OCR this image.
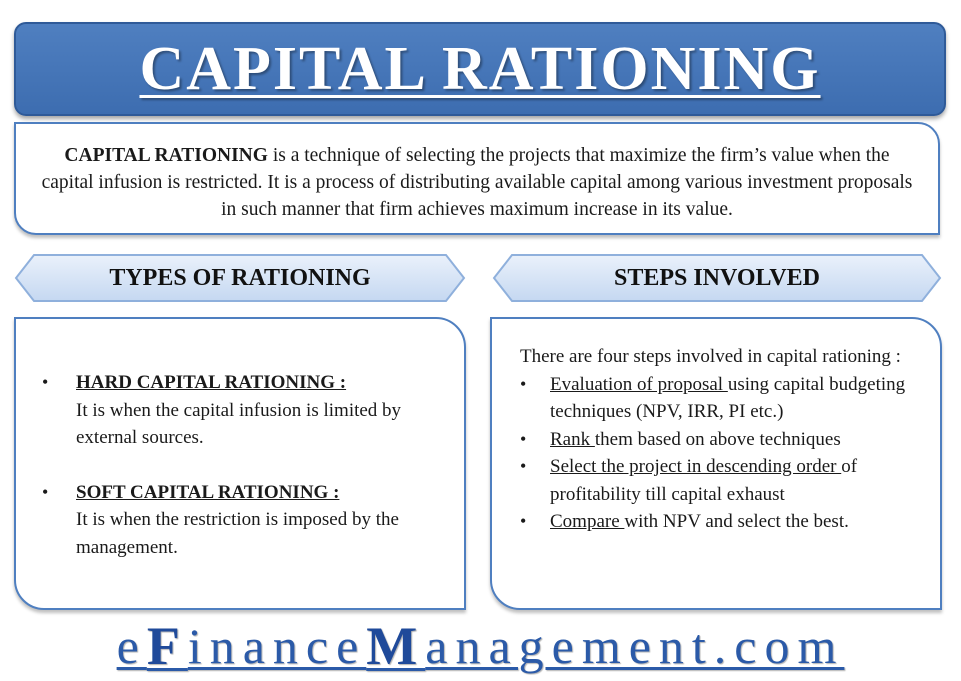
CAPITAL RATIONING
CAPITAL RATIONING is a technique of selecting the projects that maximize the firm’s value when the capital infusion is restricted. It is a process of distributing available capital among various investment proposals in such manner that firm achieves maximum increase in its value.
TYPES OF RATIONING	STEPS INVOLVED
•	HARD CAPITAL RATIONING :
It is when the capital infusion is limited by external sources.
•	SOFT CAPITAL RATIONING :
It is when the restriction is imposed by the management.
There are four steps involved in capital rationing :
•	Evaluation of proposal using capital budgeting techniques (NPV, IRR, PI etc.)
•	Rank them based on above techniques
•	Select the project in descending order of profitability till capital exhaust
•	Compare with NPV and select the best.
e F inance M anagement.com
